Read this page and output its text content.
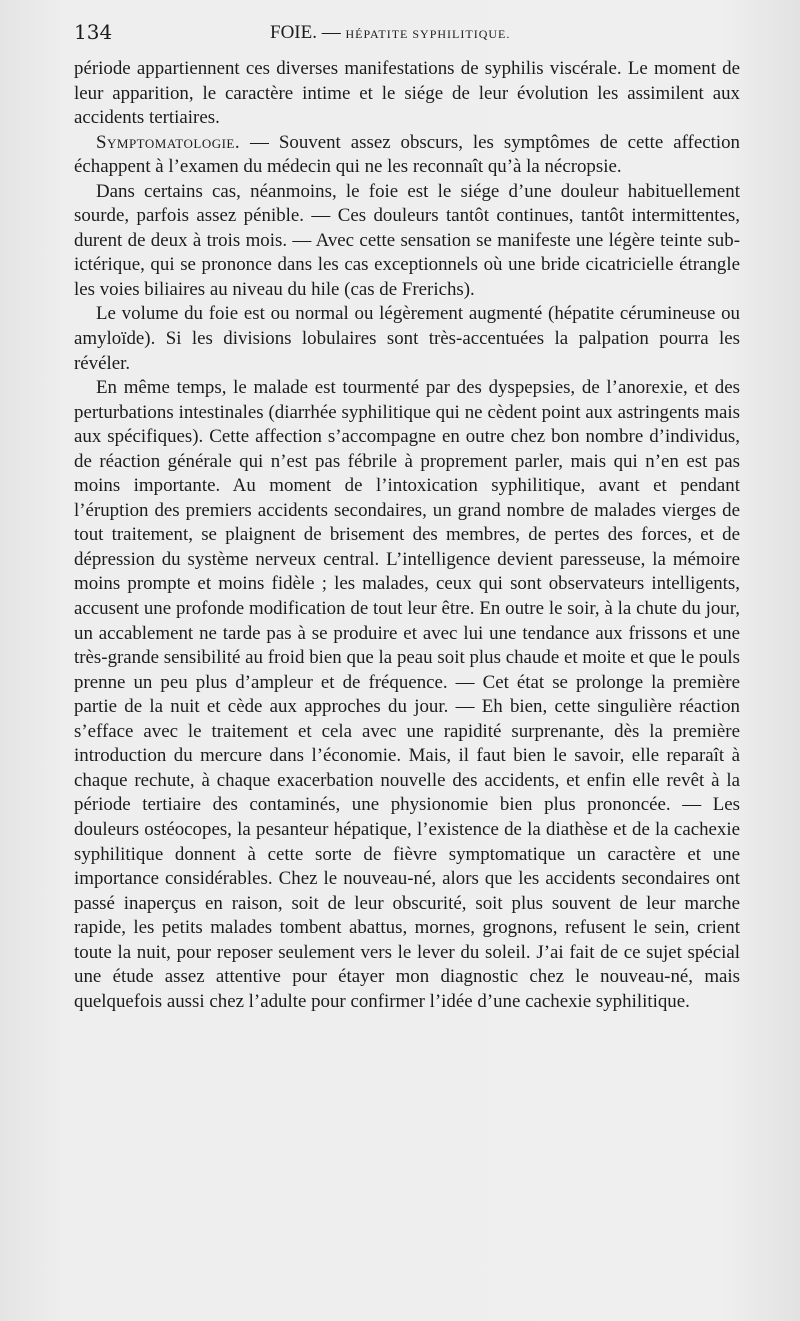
134	FOIE. — HÉPATITE SYPHILITIQUE.

période appartiennent ces diverses manifestations de syphilis viscérale. Le moment de leur apparition, le caractère intime et le siége de leur évolution les assimilent aux accidents tertiaires.

Symptomatologie. — Souvent assez obscurs, les symptômes de cette affection échappent à l’examen du médecin qui ne les reconnaît qu’à la nécropsie.

Dans certains cas, néanmoins, le foie est le siége d’une douleur habituellement sourde, parfois assez pénible. — Ces douleurs tantôt continues, tantôt intermittentes, durent de deux à trois mois. — Avec cette sensation se manifeste une légère teinte sub-ictérique, qui se prononce dans les cas exceptionnels où une bride cicatricielle étrangle les voies biliaires au niveau du hile (cas de Frerichs).

Le volume du foie est ou normal ou légèrement augmenté (hépatite cérumineuse ou amyloïde). Si les divisions lobulaires sont très-accentuées la palpation pourra les révéler.

En même temps, le malade est tourmenté par des dyspepsies, de l’anorexie, et des perturbations intestinales (diarrhée syphilitique qui ne cèdent point aux astringents mais aux spécifiques). Cette affection s’accompagne en outre chez bon nombre d’individus, de réaction générale qui n’est pas fébrile à proprement parler, mais qui n’en est pas moins importante. Au moment de l’intoxication syphilitique, avant et pendant l’éruption des premiers accidents secondaires, un grand nombre de malades vierges de tout traitement, se plaignent de brisement des membres, de pertes des forces, et de dépression du système nerveux central. L’intelligence devient paresseuse, la mémoire moins prompte et moins fidèle ; les malades, ceux qui sont observateurs intelligents, accusent une profonde modification de tout leur être. En outre le soir, à la chute du jour, un accablement ne tarde pas à se produire et avec lui une tendance aux frissons et une très-grande sensibilité au froid bien que la peau soit plus chaude et moite et que le pouls prenne un peu plus d’ampleur et de fréquence. — Cet état se prolonge la première partie de la nuit et cède aux approches du jour. — Eh bien, cette singulière réaction s’efface avec le traitement et cela avec une rapidité surprenante, dès la première introduction du mercure dans l’économie. Mais, il faut bien le savoir, elle reparaît à chaque rechute, à chaque exacerbation nouvelle des accidents, et enfin elle revêt à la période tertiaire des contaminés, une physionomie bien plus prononcée. — Les douleurs ostéocopes, la pesanteur hépatique, l’existence de la diathèse et de la cachexie syphilitique donnent à cette sorte de fièvre symptomatique un caractère et une importance considérables. Chez le nouveau-né, alors que les accidents secondaires ont passé inaperçus en raison, soit de leur obscurité, soit plus souvent de leur marche rapide, les petits malades tombent abattus, mornes, grognons, refusent le sein, crient toute la nuit, pour reposer seulement vers le lever du soleil. J’ai fait de ce sujet spécial une étude assez attentive pour étayer mon diagnostic chez le nouveau-né, mais quelquefois aussi chez l’adulte pour confirmer l’idée d’une cachexie syphilitique.
